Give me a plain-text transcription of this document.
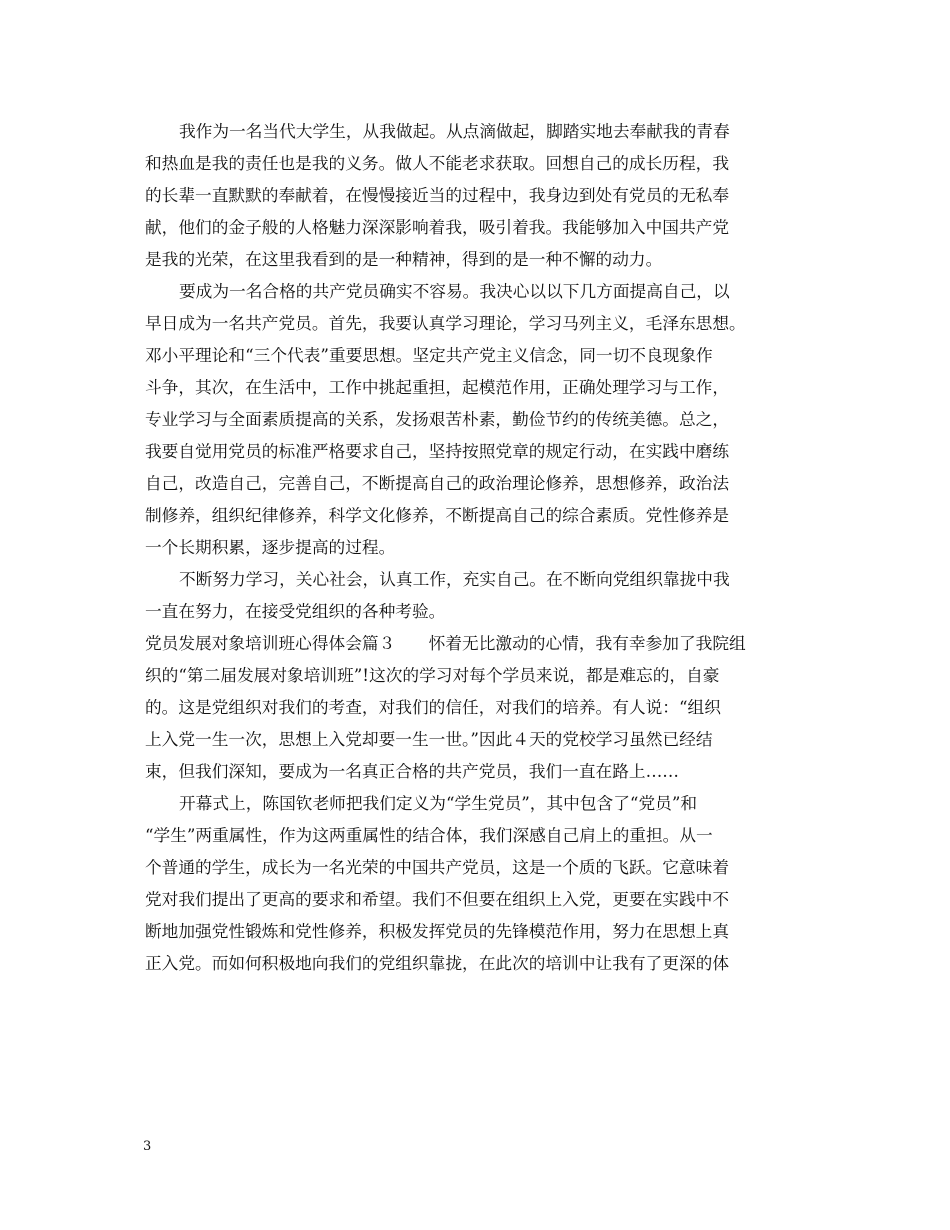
我作为一名当代大学生，从我做起。从点滴做起，脚踏实地去奉献我的青春
和热血是我的责任也是我的义务。做人不能老求获取。回想自己的成长历程，我
的长辈一直默默的奉献着，在慢慢接近当的过程中，我身边到处有党员的无私奉
献，他们的金子般的人格魅力深深影响着我，吸引着我。我能够加入中国共产党
是我的光荣，在这里我看到的是一种精神，得到的是一种不懈的动力。
要成为一名合格的共产党员确实不容易。我决心以以下几方面提高自己，以
早日成为一名共产党员。首先，我要认真学习理论，学习马列主义，毛泽东思想。
邓小平理论和“三个代表”重要思想。坚定共产党主义信念，同一切不良现象作
斗争，其次，在生活中，工作中挑起重担，起模范作用，正确处理学习与工作，
专业学习与全面素质提高的关系，发扬艰苦朴素，勤俭节约的传统美德。总之，
我要自觉用党员的标准严格要求自己，坚持按照党章的规定行动，在实践中磨练
自己，改造自己，完善自己，不断提高自己的政治理论修养，思想修养，政治法
制修养，组织纪律修养，科学文化修养，不断提高自己的综合素质。党性修养是
一个长期积累，逐步提高的过程。
不断努力学习，关心社会，认真工作，充实自己。在不断向党组织靠拢中我
一直在努力，在接受党组织的各种考验。
党员发展对象培训班心得体会篇３　　怀着无比激动的心情，我有幸参加了我院组
织的“第二届发展对象培训班”!这次的学习对每个学员来说，都是难忘的，自豪
的。这是党组织对我们的考查，对我们的信任，对我们的培养。有人说：“组织
上入党一生一次，思想上入党却要一生一世。”因此４天的党校学习虽然已经结
束，但我们深知，要成为一名真正合格的共产党员，我们一直在路上……
开幕式上，陈国钦老师把我们定义为“学生党员”，其中包含了“党员”和
“学生”两重属性，作为这两重属性的结合体，我们深感自己肩上的重担。从一
个普通的学生，成长为一名光荣的中国共产党员，这是一个质的飞跃。它意味着
党对我们提出了更高的要求和希望。我们不但要在组织上入党，更要在实践中不
断地加强党性锻炼和党性修养，积极发挥党员的先锋模范作用，努力在思想上真
正入党。而如何积极地向我们的党组织靠拢，在此次的培训中让我有了更深的体
3
